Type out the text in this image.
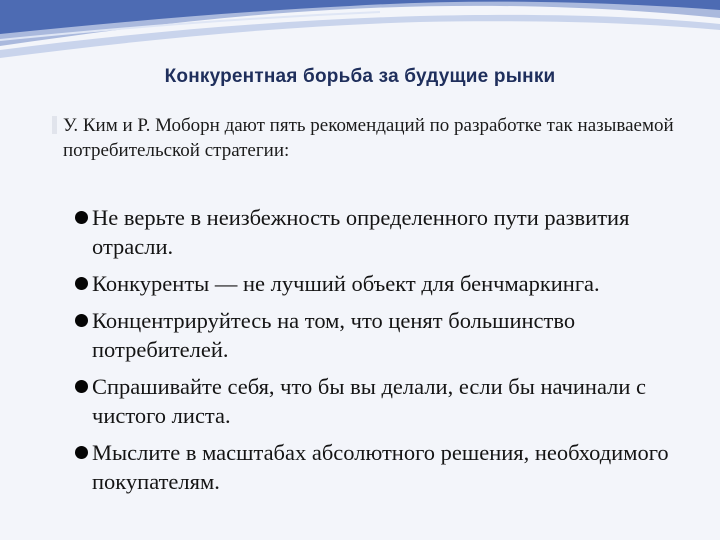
Конкурентная борьба за будущие рынки
У. Ким и Р. Моборн дают пять рекомендаций по разработке так называемой потребительской стратегии:
Не верьте в неизбежность определенного пути развития отрасли.
Конкуренты — не лучший объект для бенчмаркинга.
Концентрируйтесь на том, что ценят большинство потребителей.
Спрашивайте себя, что бы вы делали, если бы начинали с чистого листа.
Мыслите в масштабах абсолютного решения, необходимого покупателям.
